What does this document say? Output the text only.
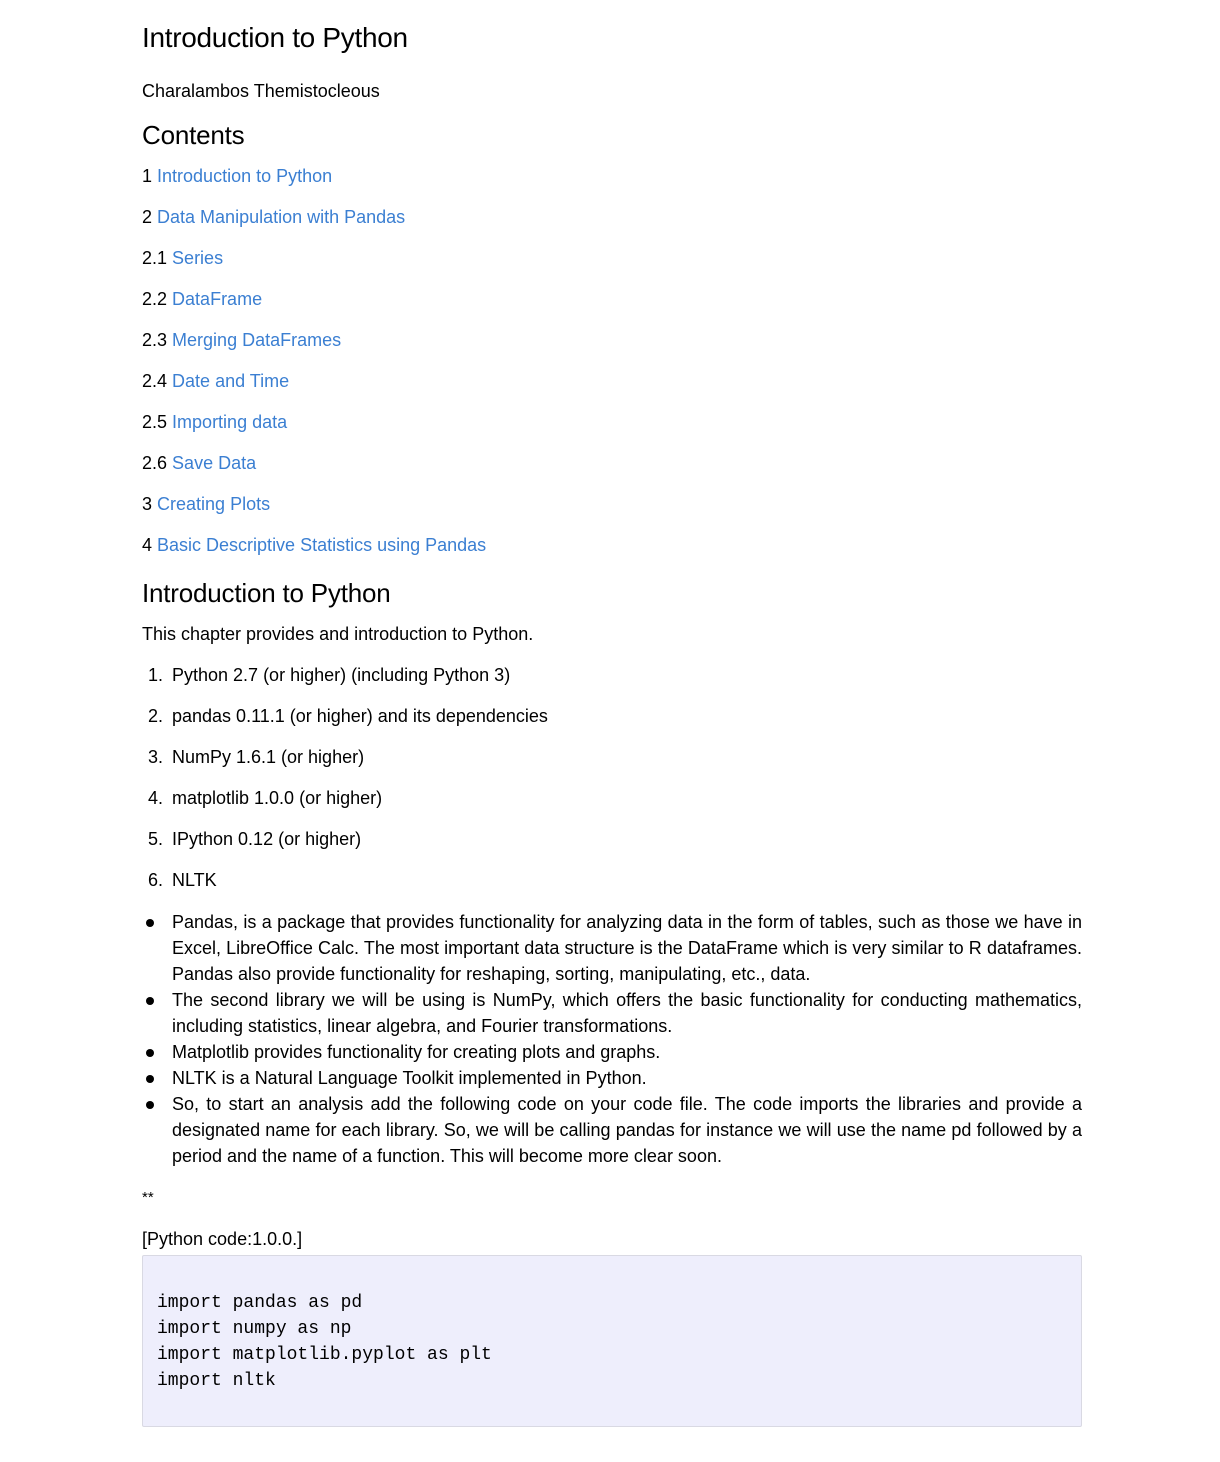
Introduction to Python

Charalambos Themistocleous

Contents
1 Introduction to Python
2 Data Manipulation with Pandas
2.1 Series
2.2 DataFrame
2.3 Merging DataFrames
2.4 Date and Time
2.5 Importing data
2.6 Save Data
3 Creating Plots
4 Basic Descriptive Statistics using Pandas
Introduction to Python

This chapter provides and introduction to Python.

1. Python 2.7 (or higher) (including Python 3)
2. pandas 0.11.1 (or higher) and its dependencies
3. NumPy 1.6.1 (or higher)
4. matplotlib 1.0.0 (or higher)
5. IPython 0.12 (or higher)
6. NLTK
Pandas, is a package that provides functionality for analyzing data in the form of tables, such as those we have in Excel, LibreOffice Calc. The most important data structure is the DataFrame which is very similar to R dataframes. Pandas also provide functionality for reshaping, sorting, manipulating, etc., data.
The second library we will be using is NumPy, which offers the basic functionality for conducting mathematics, including statistics, linear algebra, and Fourier transformations.
Matplotlib provides functionality for creating plots and graphs.
NLTK is a Natural Language Toolkit implemented in Python.
So, to start an analysis add the following code on your code file. The code imports the libraries and provide a designated name for each library. So, we will be calling pandas for instance we will use the name pd followed by a period and the name of a function. This will become more clear soon.

**

[Python code:1.0.0.]

import pandas as pd
import numpy as np
import matplotlib.pyplot as plt
import nltk
